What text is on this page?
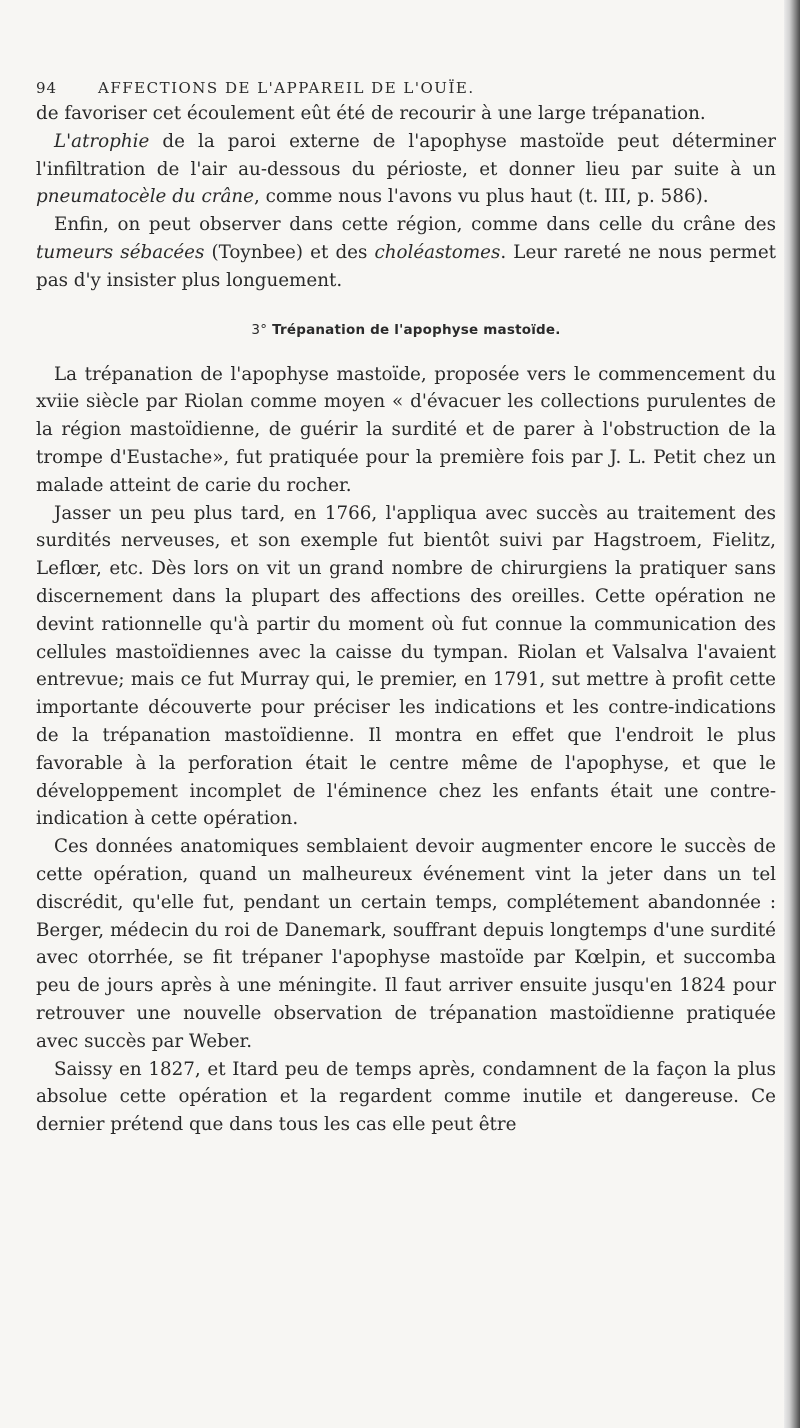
94	AFFECTIONS DE L'APPAREIL DE L'OUÏE.

de favoriser cet écoulement eût été de recourir à une large trépanation.

L'atrophie de la paroi externe de l'apophyse mastoïde peut déterminer l'infiltration de l'air au-dessous du périoste, et donner lieu par suite à un pneumatocèle du crâne, comme nous l'avons vu plus haut (t. III, p. 586).

Enfin, on peut observer dans cette région, comme dans celle du crâne des tumeurs sébacées (Toynbee) et des choléastomes. Leur rareté ne nous permet pas d'y insister plus longuement.

3° Trépanation de l'apophyse mastoïde.

La trépanation de l'apophyse mastoïde, proposée vers le commencement du xviie siècle par Riolan comme moyen « d'évacuer les collections purulentes de la région mastoïdienne, de guérir la surdité et de parer à l'obstruction de la trompe d'Eustache», fut pratiquée pour la première fois par J. L. Petit chez un malade atteint de carie du rocher.

Jasser un peu plus tard, en 1766, l'appliqua avec succès au traitement des surdités nerveuses, et son exemple fut bientôt suivi par Hagstroem, Fielitz, Leflœr, etc. Dès lors on vit un grand nombre de chirurgiens la pratiquer sans discernement dans la plupart des affections des oreilles. Cette opération ne devint rationnelle qu'à partir du moment où fut connue la communication des cellules mastoïdiennes avec la caisse du tympan. Riolan et Valsalva l'avaient entrevue; mais ce fut Murray qui, le premier, en 1791, sut mettre à profit cette importante découverte pour préciser les indications et les contre-indications de la trépanation mastoïdienne. Il montra en effet que l'endroit le plus favorable à la perforation était le centre même de l'apophyse, et que le développement incomplet de l'éminence chez les enfants était une contre-indication à cette opération.

Ces données anatomiques semblaient devoir augmenter encore le succès de cette opération, quand un malheureux événement vint la jeter dans un tel discrédit, qu'elle fut, pendant un certain temps, complétement abandonnée : Berger, médecin du roi de Danemark, souffrant depuis longtemps d'une surdité avec otorrhée, se fit trépaner l'apophyse mastoïde par Kœlpin, et succomba peu de jours après à une méningite. Il faut arriver ensuite jusqu'en 1824 pour retrouver une nouvelle observation de trépanation mastoïdienne pratiquée avec succès par Weber.

Saissy en 1827, et Itard peu de temps après, condamnent de la façon la plus absolue cette opération et la regardent comme inutile et dangereuse. Ce dernier prétend que dans tous les cas elle peut être
